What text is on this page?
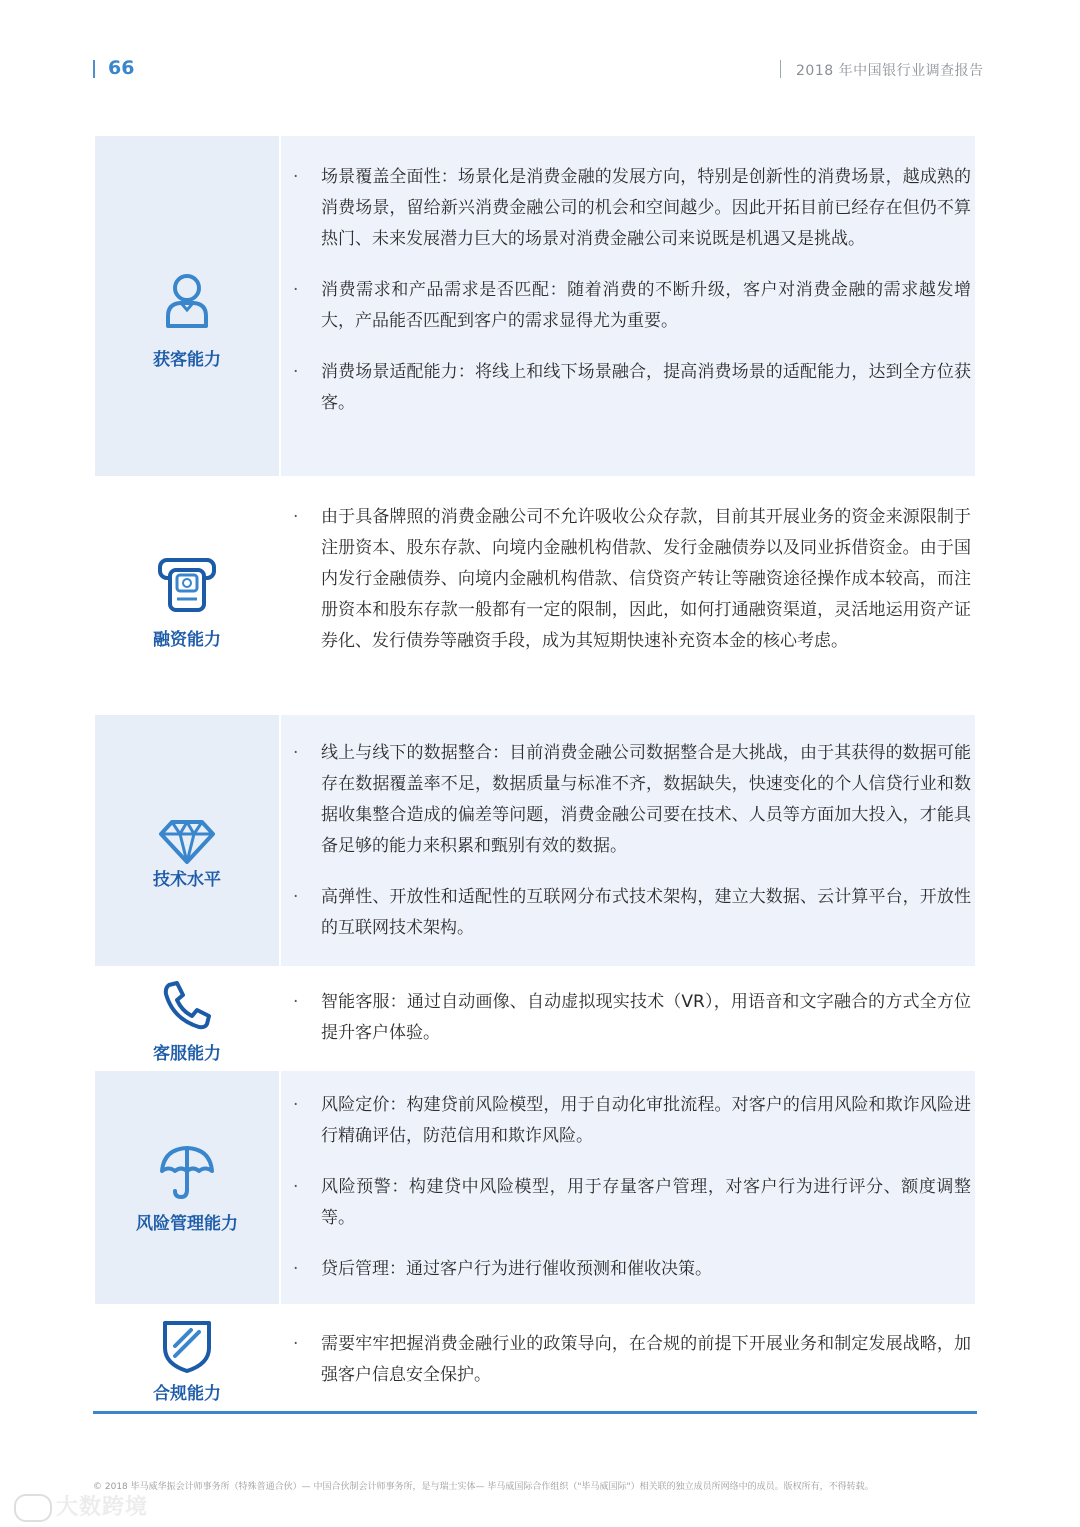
66	2018 年中国银行业调查报告
获客能力
· 场景覆盖全面性：场景化是消费金融的发展方向，特别是创新性的消费场景，越成熟的消费场景，留给新兴消费金融公司的机会和空间越少。因此开拓目前已经存在但仍不算热门、未来发展潜力巨大的场景对消费金融公司来说既是机遇又是挑战。
· 消费需求和产品需求是否匹配：随着消费的不断升级，客户对消费金融的需求越发增大，产品能否匹配到客户的需求显得尤为重要。
· 消费场景适配能力：将线上和线下场景融合，提高消费场景的适配能力，达到全方位获客。
融资能力
· 由于具备牌照的消费金融公司不允许吸收公众存款，目前其开展业务的资金来源限制于注册资本、股东存款、向境内金融机构借款、发行金融债券以及同业拆借资金。由于国内发行金融债券、向境内金融机构借款、信贷资产转让等融资途径操作成本较高，而注册资本和股东存款一般都有一定的限制，因此，如何打通融资渠道，灵活地运用资产证券化、发行债券等融资手段，成为其短期快速补充资本金的核心考虑。
技术水平
· 线上与线下的数据整合：目前消费金融公司数据整合是大挑战，由于其获得的数据可能存在数据覆盖率不足，数据质量与标准不齐，数据缺失，快速变化的个人信贷行业和数据收集整合造成的偏差等问题，消费金融公司要在技术、人员等方面加大投入，才能具备足够的能力来积累和甄别有效的数据。
· 高弹性、开放性和适配性的互联网分布式技术架构，建立大数据、云计算平台，开放性的互联网技术架构。
客服能力
· 智能客服：通过自动画像、自动虚拟现实技术（VR），用语音和文字融合的方式全方位提升客户体验。
风险管理能力
· 风险定价：构建贷前风险模型，用于自动化审批流程。对客户的信用风险和欺诈风险进行精确评估，防范信用和欺诈风险。
· 风险预警：构建贷中风险模型，用于存量客户管理，对客户行为进行评分、额度调整等。
· 贷后管理：通过客户行为进行催收预测和催收决策。
合规能力
· 需要牢牢把握消费金融行业的政策导向，在合规的前提下开展业务和制定发展战略，加强客户信息安全保护。
© 2018 毕马威华振会计师事务所（特殊普通合伙）— 中国合伙制会计师事务所，是与瑞士实体— 毕马威国际合作组织（"毕马威国际"）相关联的独立成员所网络中的成员。版权所有，不得转载。
大数跨境
